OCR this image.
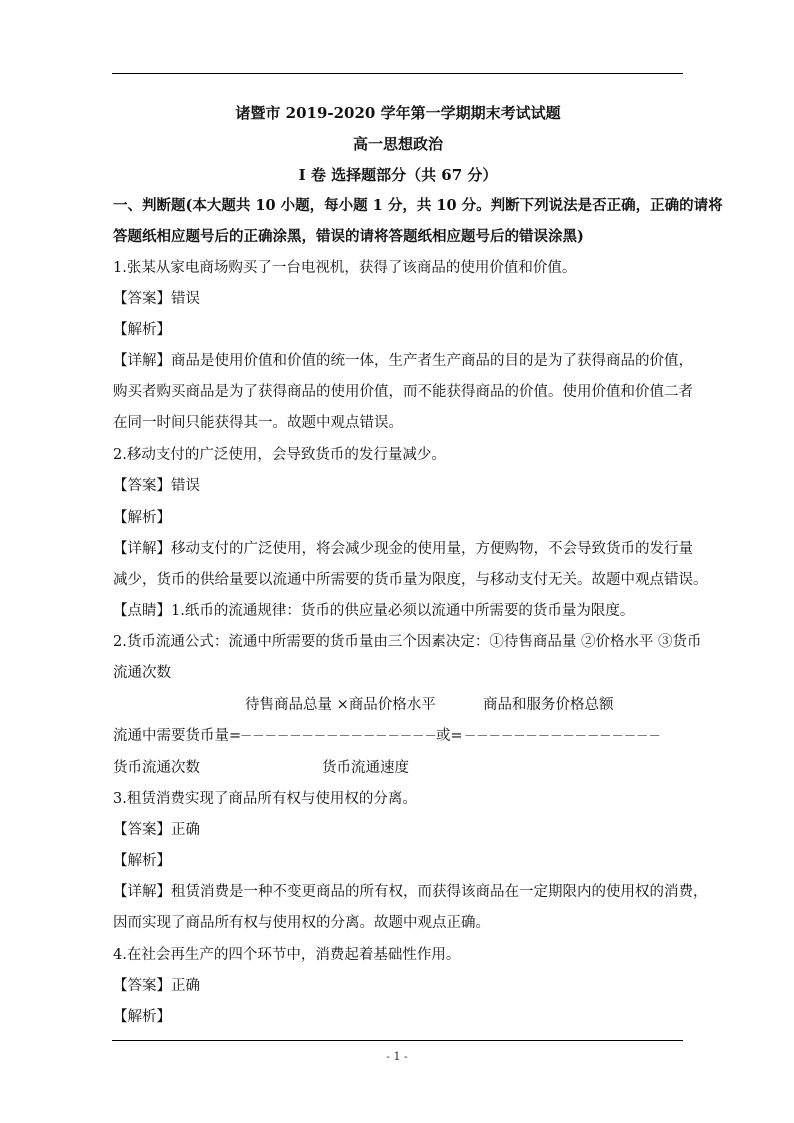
诸暨市 2019-2020 学年第一学期期末考试试题
高一思想政治
I 卷 选择题部分（共 67 分）
一、判断题(本大题共 10 小题，每小题 1 分，共 10 分。判断下列说法是否正确，正确的请将
答题纸相应题号后的正确涂黑，错误的请将答题纸相应题号后的错误涂黑)
1.张某从家电商场购买了一台电视机，获得了该商品的使用价值和价值。
【答案】错误
【解析】
【详解】商品是使用价值和价值的统一体，生产者生产商品的目的是为了获得商品的价值，
购买者购买商品是为了获得商品的使用价值，而不能获得商品的价值。使用价值和价值二者
在同一时间只能获得其一。故题中观点错误。
2.移动支付的广泛使用，会导致货币的发行量减少。
【答案】错误
【解析】
【详解】移动支付的广泛使用，将会减少现金的使用量，方便购物，不会导致货币的发行量
减少，货币的供给量要以流通中所需要的货币量为限度，与移动支付无关。故题中观点错误。
【点睛】1.纸币的流通规律：货币的供应量必须以流通中所需要的货币量为限度。
2.货币流通公式：流通中所需要的货币量由三个因素决定：①待售商品量 ②价格水平 ③货币
流通次数
待售商品总量 ×商品价格水平	商品和服务价格总额
流通中需要货币量=
－－－－－－－－－－－－－－－－ 或= －－－－－－－－－－－－－－－－
货币流通次数	货币流通速度
3.租赁消费实现了商品所有权与使用权的分离。
【答案】正确
【解析】
【详解】租赁消费是一种不变更商品的所有权，而获得该商品在一定期限内的使用权的消费，
因而实现了商品所有权与使用权的分离。故题中观点正确。
4.在社会再生产的四个环节中，消费起着基础性作用。
【答案】正确
【解析】
- 1 -
